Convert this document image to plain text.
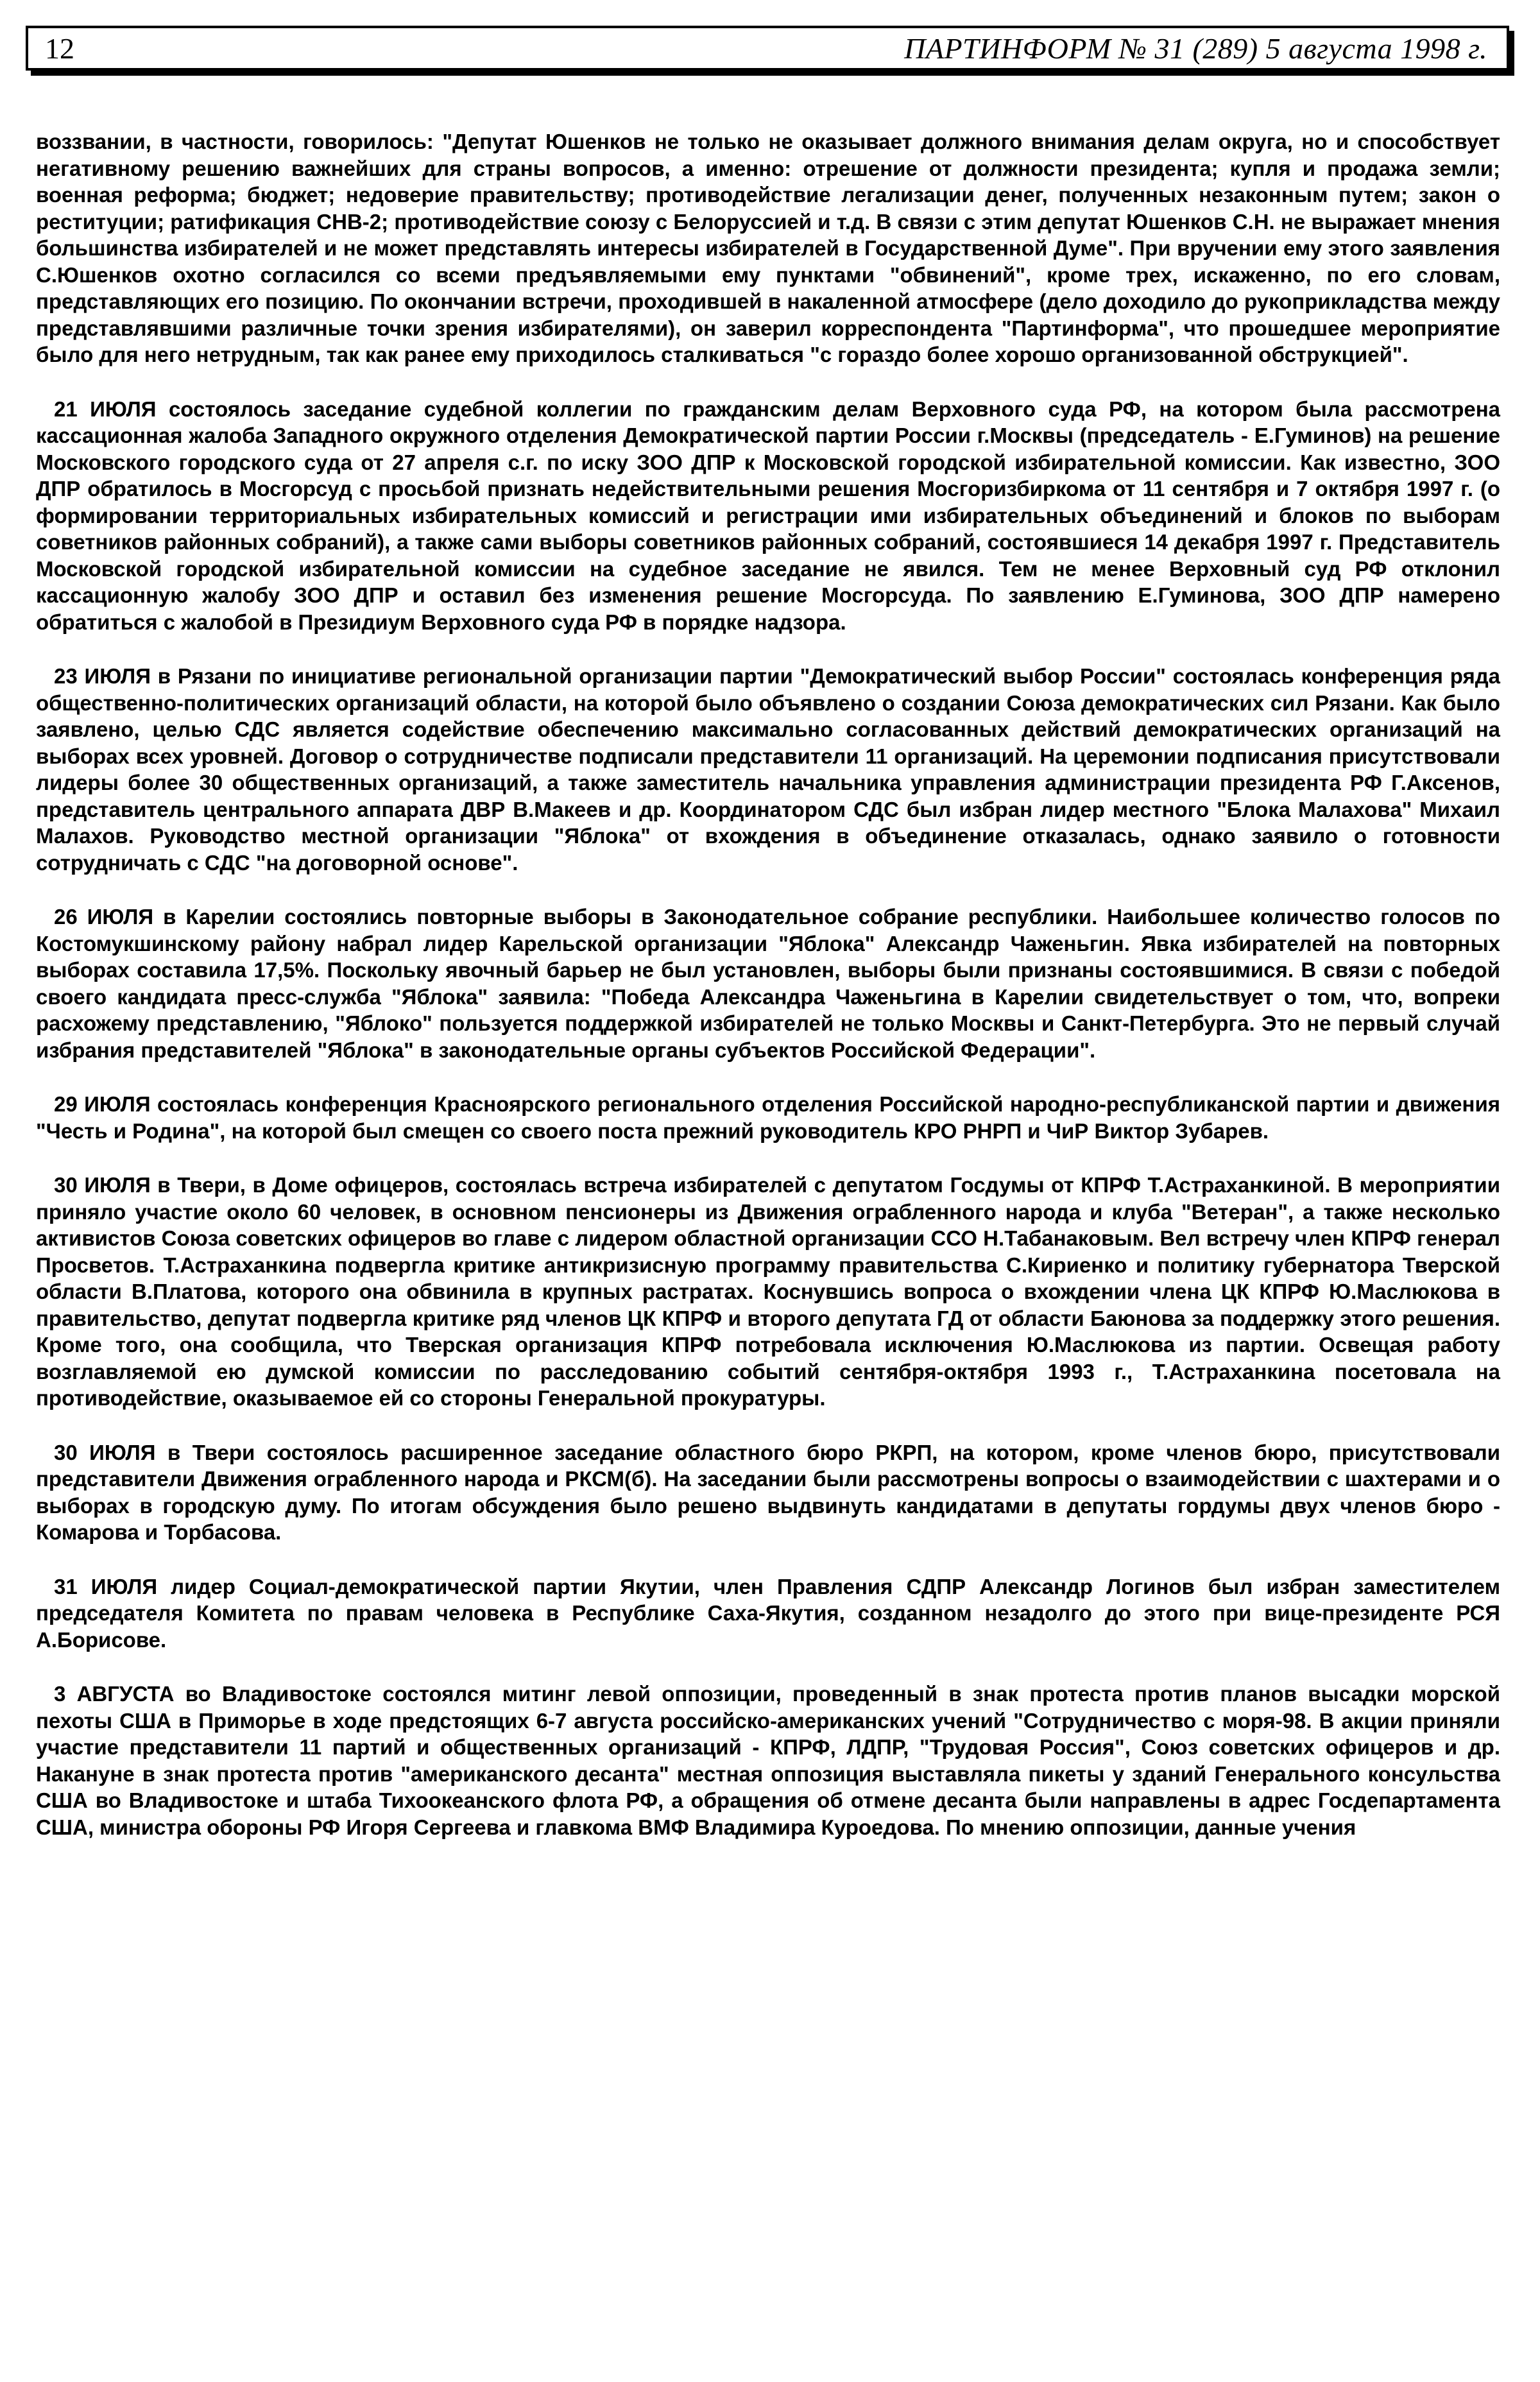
12	ПАРТИНФОРМ № 31 (289) 5 августа 1998 г.

воззвании, в частности, говорилось: "Депутат Юшенков не только не оказывает должного внимания делам округа, но и способствует негативному решению важнейших для страны вопросов, а именно: отрешение от должности президента; купля и продажа земли; военная реформа; бюджет; недоверие правительству; противодействие легализации денег, полученных незаконным путем; закон о реституции; ратификация СНВ-2; противодействие союзу с Белоруссией и т.д. В связи с этим депутат Юшенков С.Н. не выражает мнения большинства избирателей и не может представлять интересы избирателей в Государственной Думе". При вручении ему этого заявления С.Юшенков охотно согласился со всеми предъявляемыми ему пунктами "обвинений", кроме трех, искаженно, по его словам, представляющих его позицию. По окончании встречи, проходившей в накаленной атмосфере (дело доходило до рукоприкладства между представлявшими различные точки зрения избирателями), он заверил корреспондента "Партинформа", что прошедшее мероприятие было для него нетрудным, так как ранее ему приходилось сталкиваться "с гораздо более хорошо организованной обструкцией".

21 ИЮЛЯ состоялось заседание судебной коллегии по гражданским делам Верховного суда РФ, на котором была рассмотрена кассационная жалоба Западного окружного отделения Демократической партии России г.Москвы (председатель - Е.Гуминов) на решение Московского городского суда от 27 апреля с.г. по иску ЗОО ДПР к Московской городской избирательной комиссии. Как известно, ЗОО ДПР обратилось в Мосгорсуд с просьбой признать недействительными решения Мосгоризбиркома от 11 сентября и 7 октября 1997 г. (о формировании территориальных избирательных комиссий и регистрации ими избирательных объединений и блоков по выборам советников районных собраний), а также сами выборы советников районных собраний, состоявшиеся 14 декабря 1997 г. Представитель Московской городской избирательной комиссии на судебное заседание не явился. Тем не менее Верховный суд РФ отклонил кассационную жалобу ЗОО ДПР и оставил без изменения решение Мосгорсуда. По заявлению Е.Гуминова, ЗОО ДПР намерено обратиться с жалобой в Президиум Верховного суда РФ в порядке надзора.

23 ИЮЛЯ в Рязани по инициативе региональной организации партии "Демократический выбор России" состоялась конференция ряда общественно-политических организаций области, на которой было объявлено о создании Союза демократических сил Рязани. Как было заявлено, целью СДС является содействие обеспечению максимально согласованных действий демократических организаций на выборах всех уровней. Договор о сотрудничестве подписали представители 11 организаций. На церемонии подписания присутствовали лидеры более 30 общественных организаций, а также заместитель начальника управления администрации президента РФ Г.Аксенов, представитель центрального аппарата ДВР В.Макеев и др. Координатором СДС был избран лидер местного "Блока Малахова" Михаил Малахов. Руководство местной организации "Яблока" от вхождения в объединение отказалась, однако заявило о готовности сотрудничать с СДС "на договорной основе".

26 ИЮЛЯ в Карелии состоялись повторные выборы в Законодательное собрание республики. Наибольшее количество голосов по Костомукшинскому району набрал лидер Карельской организации "Яблока" Александр Чаженьгин. Явка избирателей на повторных выборах составила 17,5%. Поскольку явочный барьер не был установлен, выборы были признаны состоявшимися. В связи с победой своего кандидата пресс-служба "Яблока" заявила: "Победа Александра Чаженьгина в Карелии свидетельствует о том, что, вопреки расхожему представлению, "Яблоко" пользуется поддержкой избирателей не только Москвы и Санкт-Петербурга. Это не первый случай избрания представителей "Яблока" в законодательные органы субъектов Российской Федерации".

29 ИЮЛЯ состоялась конференция Красноярского регионального отделения Российской народно-республиканской партии и движения "Честь и Родина", на которой был смещен со своего поста прежний руководитель КРО РНРП и ЧиР Виктор Зубарев.

30 ИЮЛЯ в Твери, в Доме офицеров, состоялась встреча избирателей с депутатом Госдумы от КПРФ Т.Астраханкиной. В мероприятии приняло участие около 60 человек, в основном пенсионеры из Движения ограбленного народа и клуба "Ветеран", а также несколько активистов Союза советских офицеров во главе с лидером областной организации ССО Н.Табанаковым. Вел встречу член КПРФ генерал Просветов. Т.Астраханкина подвергла критике антикризисную программу правительства С.Кириенко и политику губернатора Тверской области В.Платова, которого она обвинила в крупных растратах. Коснувшись вопроса о вхождении члена ЦК КПРФ Ю.Маслюкова в правительство, депутат подвергла критике ряд членов ЦК КПРФ и второго депутата ГД от области Баюнова за поддержку этого решения. Кроме того, она сообщила, что Тверская организация КПРФ потребовала исключения Ю.Маслюкова из партии. Освещая работу возглавляемой ею думской комиссии по расследованию событий сентября-октября 1993 г., Т.Астраханкина посетовала на противодействие, оказываемое ей со стороны Генеральной прокуратуры.

30 ИЮЛЯ в Твери состоялось расширенное заседание областного бюро РКРП, на котором, кроме членов бюро, присутствовали представители Движения ограбленного народа и РКСМ(б). На заседании были рассмотрены вопросы о взаимодействии с шахтерами и о выборах в городскую думу. По итогам обсуждения было решено выдвинуть кандидатами в депутаты гордумы двух членов бюро - Комарова и Торбасова.

31 ИЮЛЯ лидер Социал-демократической партии Якутии, член Правления СДПР Александр Логинов был избран заместителем председателя Комитета по правам человека в Республике Саха-Якутия, созданном незадолго до этого при вице-президенте РСЯ А.Борисове.

3 АВГУСТА во Владивостоке состоялся митинг левой оппозиции, проведенный в знак протеста против планов высадки морской пехоты США в Приморье в ходе предстоящих 6-7 августа российско-американских учений "Сотрудничество с моря-98. В акции приняли участие представители 11 партий и общественных организаций - КПРФ, ЛДПР, "Трудовая Россия", Союз советских офицеров и др. Накануне в знак протеста против "американского десанта" местная оппозиция выставляла пикеты у зданий Генерального консульства США во Владивостоке и штаба Тихоокеанского флота РФ, а обращения об отмене десанта были направлены в адрес Госдепартамента США, министра обороны РФ Игоря Сергеева и главкома ВМФ Владимира Куроедова. По мнению оппозиции, данные учения
